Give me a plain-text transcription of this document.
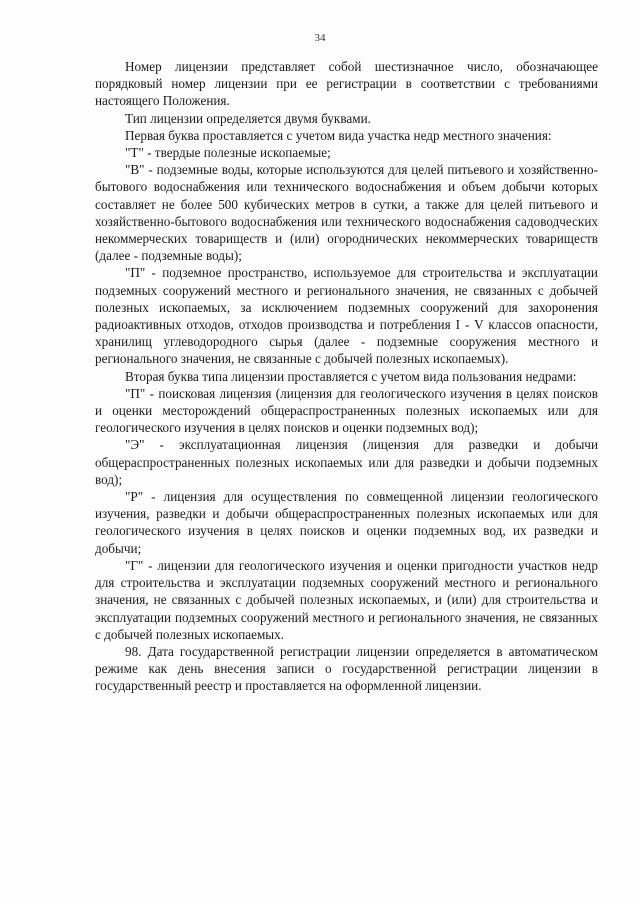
34

Номер лицензии представляет собой шестизначное число, обозначающее порядковый номер лицензии при ее регистрации в соответствии с требованиями настоящего Положения.

Тип лицензии определяется двумя буквами.

Первая буква проставляется с учетом вида участка недр местного значения:

"Т" - твердые полезные ископаемые;

"В" - подземные воды, которые используются для целей питьевого и хозяйственно-бытового водоснабжения или технического водоснабжения и объем добычи которых составляет не более 500 кубических метров в сутки, а также для целей питьевого и хозяйственно-бытового водоснабжения или технического водоснабжения садоводческих некоммерческих товариществ и (или) огороднических некоммерческих товариществ (далее - подземные воды);

"П" - подземное пространство, используемое для строительства и эксплуатации подземных сооружений местного и регионального значения, не связанных с добычей полезных ископаемых, за исключением подземных сооружений для захоронения радиоактивных отходов, отходов производства и потребления I - V классов опасности, хранилищ углеводородного сырья (далее - подземные сооружения местного и регионального значения, не связанные с добычей полезных ископаемых).

Вторая буква типа лицензии проставляется с учетом вида пользования недрами:

"П" - поисковая лицензия (лицензия для геологического изучения в целях поисков и оценки месторождений общераспространенных полезных ископаемых или для геологического изучения в целях поисков и оценки подземных вод);

"Э" - эксплуатационная лицензия (лицензия для разведки и добычи общераспространенных полезных ископаемых или для разведки и добычи подземных вод);

"Р" - лицензия для осуществления по совмещенной лицензии геологического изучения, разведки и добычи общераспространенных полезных ископаемых или для геологического изучения в целях поисков и оценки подземных вод, их разведки и добычи;

"Г" - лицензии для геологического изучения и оценки пригодности участков недр для строительства и эксплуатации подземных сооружений местного и регионального значения, не связанных с добычей полезных ископаемых, и (или) для строительства и эксплуатации подземных сооружений местного и регионального значения, не связанных с добычей полезных ископаемых.

98. Дата государственной регистрации лицензии определяется в автоматическом режиме как день внесения записи о государственной регистрации лицензии в государственный реестр и проставляется на оформленной лицензии.
